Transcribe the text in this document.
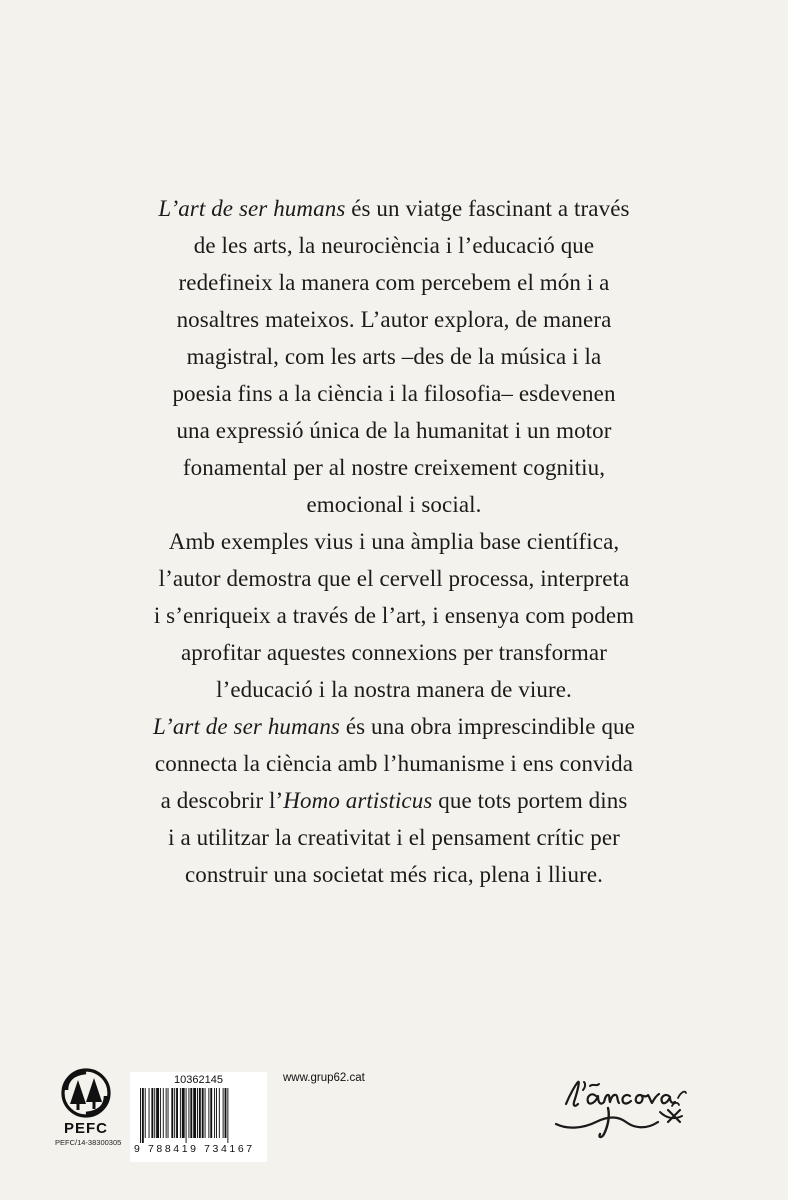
L’art de ser humans és un viatge fascinant a través
de les arts, la neurociència i l’educació que
redefineix la manera com percebem el món i a
nosaltres mateixos. L’autor explora, de manera
magistral, com les arts –des de la música i la
poesia fins a la ciència i la filosofia– esdevenen
una expressió única de la humanitat i un motor
fonamental per al nostre creixement cognitiu,
emocional i social.
Amb exemples vius i una àmplia base científica,
l’autor demostra que el cervell processa, interpreta
i s’enriqueix a través de l’art, i ensenya com podem
aprofitar aquestes connexions per transformar
l’educació i la nostra manera de viure.
L’art de ser humans és una obra imprescindible que
connecta la ciència amb l’humanisme i ens convida
a descobrir l’Homo artisticus que tots portem dins
i a utilitzar la creativitat i el pensament crític per
construir una societat més rica, plena i lliure.
PEFC
PEFC/14-38300305
10362145
9 788419 734167
www.grup62.cat
